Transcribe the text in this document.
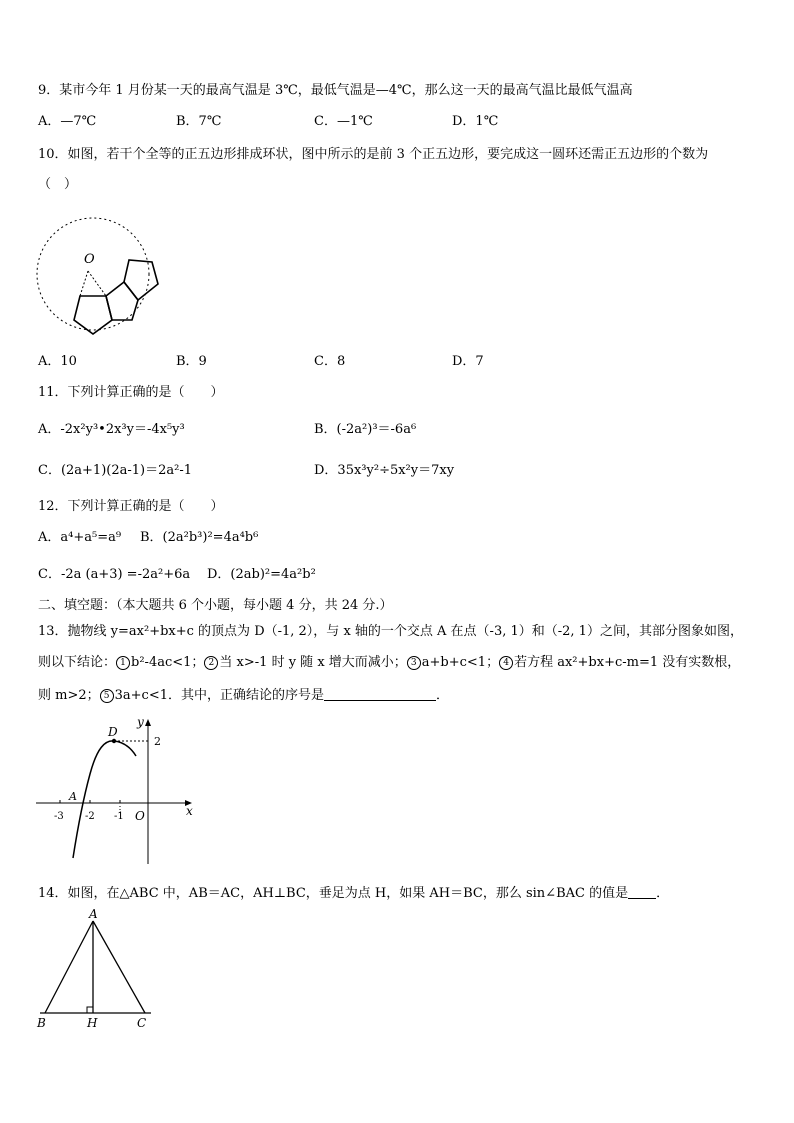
9．某市今年 1 月份某一天的最高气温是 3℃，最低气温是—4℃，那么这一天的最高气温比最低气温高
A．—7℃	B．7℃	C．—1℃	D．1℃
10．如图，若干个全等的正五边形排成环状，图中所示的是前 3 个正五边形，要完成这一圆环还需正五边形的个数为
（　）
O
A．10	B．9	C．8	D．7
11．下列计算正确的是（　　）
A．-2x²y³•2x³y＝-4x⁵y³	B．(-2a²)³＝-6a⁶
C．(2a+1)(2a-1)＝2a²-1	D．35x³y²÷5x²y＝7xy
12．下列计算正确的是（　　）
A．a⁴+a⁵=a⁹ B．(2a²b³)²=4a⁴b⁶
C．-2a (a+3) =-2a²+6a D．(2ab)²=4a²b²
二、填空题：（本大题共 6 个小题，每小题 4 分，共 24 分.）
13．抛物线 y=ax²+bx+c 的顶点为 D（-1, 2），与 x 轴的一个交点 A 在点（-3, 1）和（-2, 1）之间，其部分图象如图，
则以下结论： 1 b²-4ac<1； 2 当 x>-1 时 y 随 x 增大而减小； 3 a+b+c<1； 4 若方程 ax²+bx+c-m=1 没有实数根，
则 m>2； 5 3a+c<1．其中，正确结论的序号是	．
x
y
-3 -2 -1 O
2
D
A
14．如图，在△ABC 中，AB＝AC，AH⊥BC，垂足为点 H，如果 AH＝BC，那么 sin∠BAC 的值是 ．
A
B	H	C
